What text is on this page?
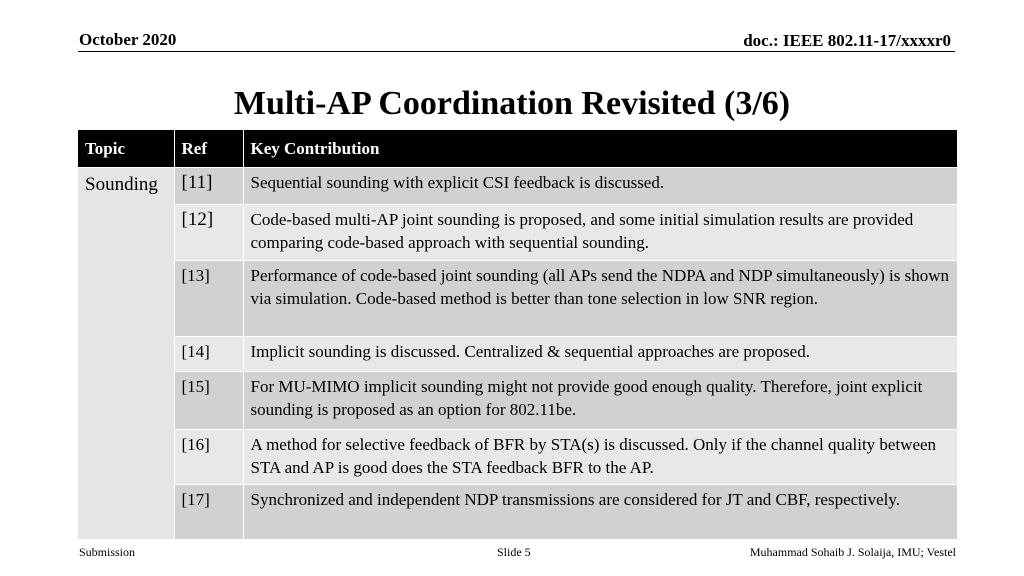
October 2020	doc.: IEEE 802.11-17/xxxxr0
Multi-AP Coordination Revisited (3/6)
Topic	Ref	Key Contribution

Sounding	[11]	Sequential sounding with explicit CSI feedback is discussed.

	[12]	Code-based multi-AP joint sounding is proposed, and some initial simulation results are provided comparing code-based approach with sequential sounding.

	[13]	Performance of code-based joint sounding (all APs send the NDPA and NDP simultaneously) is shown via simulation. Code-based method is better than tone selection in low SNR region.

	[14]	Implicit sounding is discussed. Centralized & sequential approaches are proposed.

	[15]	For MU-MIMO implicit sounding might not provide good enough quality. Therefore, joint explicit sounding is proposed as an option for 802.11be.

	[16]	A method for selective feedback of BFR by STA(s) is discussed. Only if the channel quality between STA and AP is good does the STA feedback BFR to the AP.

	[17]	Synchronized and independent NDP transmissions are considered for JT and CBF, respectively.
Submission	Slide 5	Muhammad Sohaib J. Solaija, IMU; Vestel
